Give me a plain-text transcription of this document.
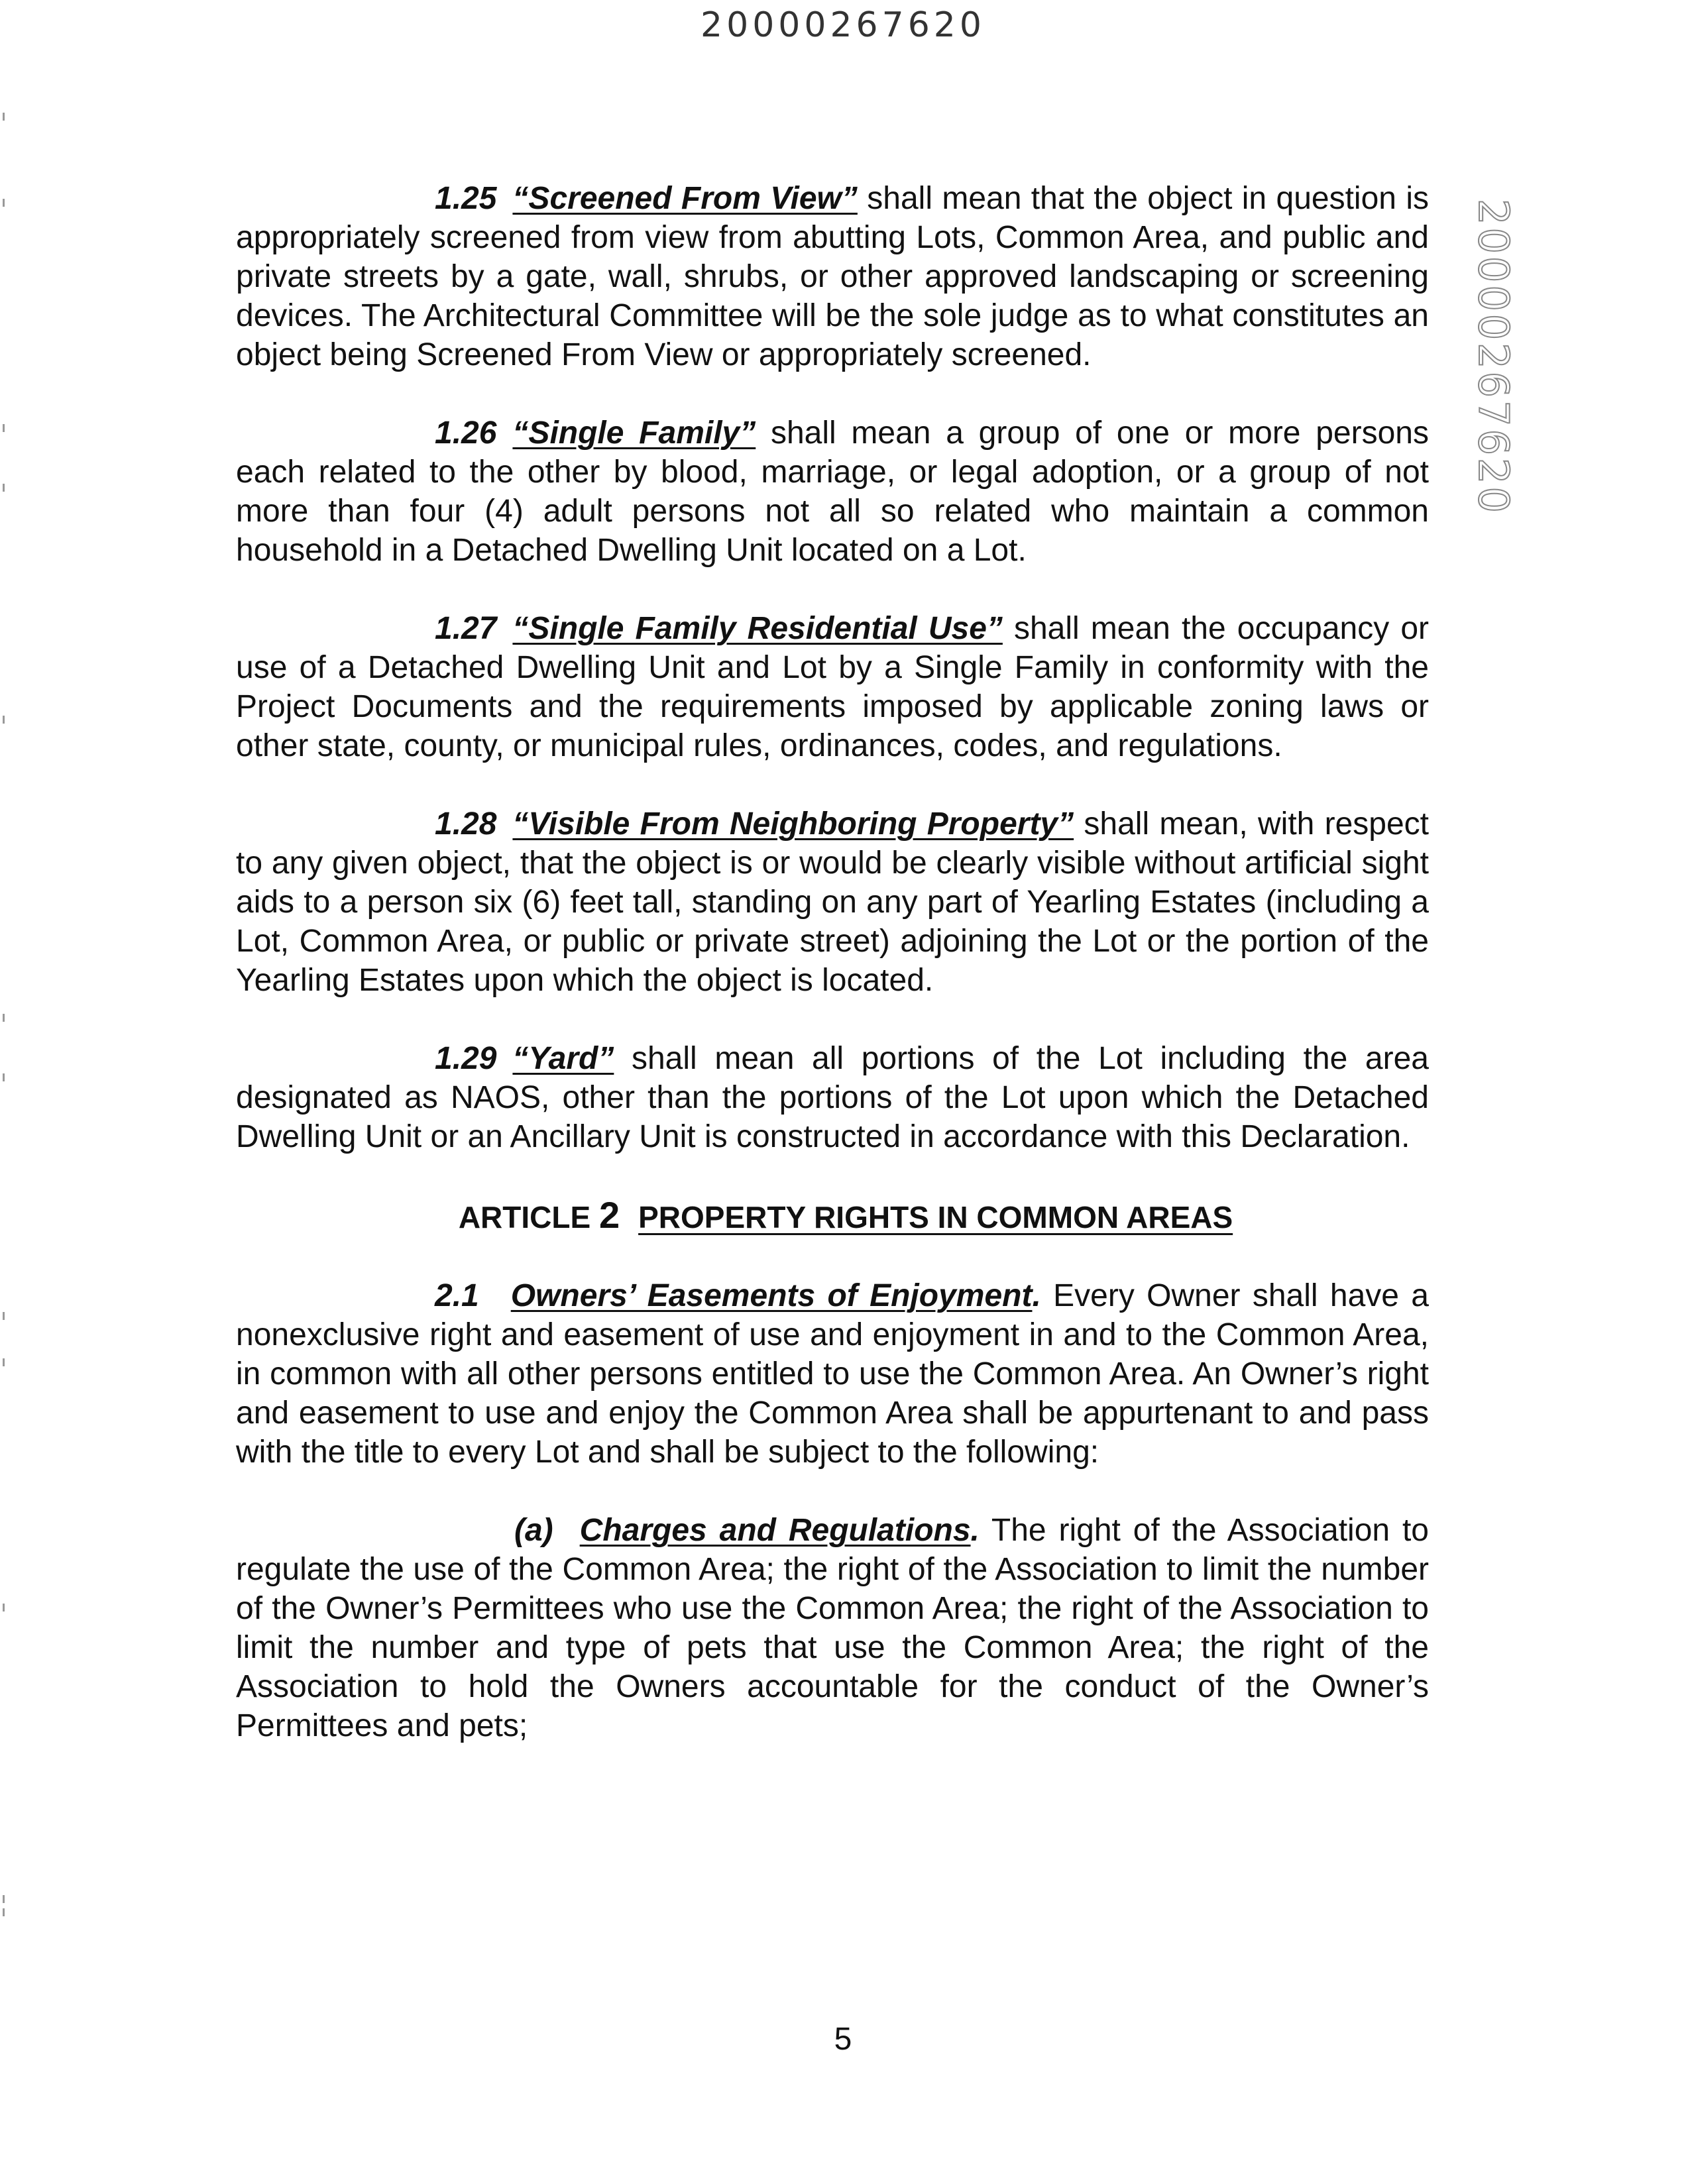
20000267620
20000267620

1.25 “Screened From View” shall mean that the object in question is appropriately screened from view from abutting Lots, Common Area, and public and private streets by a gate, wall, shrubs, or other approved landscaping or screening devices. The Architectural Committee will be the sole judge as to what constitutes an object being Screened From View or appropriately screened.

1.26 “Single Family” shall mean a group of one or more persons each related to the other by blood, marriage, or legal adoption, or a group of not more than four (4) adult persons not all so related who maintain a common household in a Detached Dwelling Unit located on a Lot.

1.27 “Single Family Residential Use” shall mean the occupancy or use of a Detached Dwelling Unit and Lot by a Single Family in conformity with the Project Documents and the requirements imposed by applicable zoning laws or other state, county, or municipal rules, ordinances, codes, and regulations.

1.28 “Visible From Neighboring Property” shall mean, with respect to any given object, that the object is or would be clearly visible without artificial sight aids to a person six (6) feet tall, standing on any part of Yearling Estates (including a Lot, Common Area, or public or private street) adjoining the Lot or the portion of the Yearling Estates upon which the object is located.

1.29 “Yard” shall mean all portions of the Lot including the area designated as NAOS, other than the portions of the Lot upon which the Detached Dwelling Unit or an Ancillary Unit is constructed in accordance with this Declaration.

ARTICLE 2 PROPERTY RIGHTS IN COMMON AREAS

2.1 Owners’ Easements of Enjoyment. Every Owner shall have a nonexclusive right and easement of use and enjoyment in and to the Common Area, in common with all other persons entitled to use the Common Area. An Owner’s right and easement to use and enjoy the Common Area shall be appurtenant to and pass with the title to every Lot and shall be subject to the following:

(a) Charges and Regulations. The right of the Association to regulate the use of the Common Area; the right of the Association to limit the number of the Owner’s Permittees who use the Common Area; the right of the Association to limit the number and type of pets that use the Common Area; the right of the Association to hold the Owners accountable for the conduct of the Owner’s Permittees and pets;

5
